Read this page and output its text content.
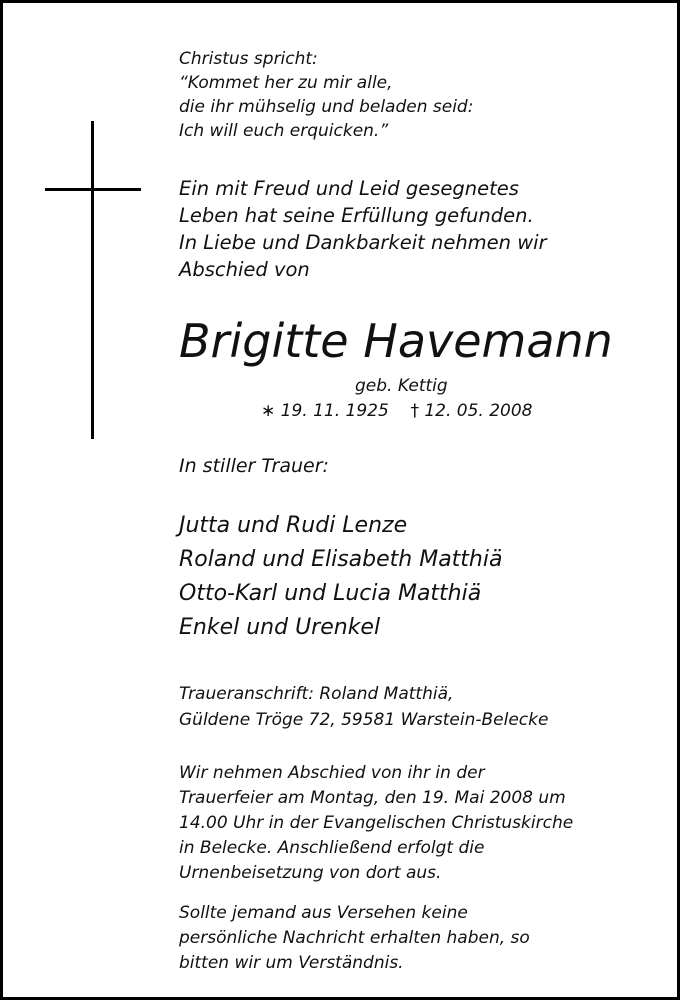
Christus spricht:
“Kommet her zu mir alle,
die ihr mühselig und beladen seid:
Ich will euch erquicken.”
Ein mit Freud und Leid gesegnetes
Leben hat seine Erfüllung gefunden.
In Liebe und Dankbarkeit nehmen wir
Abschied von
Brigitte Havemann
geb. Kettig
∗ 19. 11. 1925 † 12. 05. 2008
In stiller Trauer:
Jutta und Rudi Lenze
Roland und Elisabeth Matthiä
Otto-Karl und Lucia Matthiä
Enkel und Urenkel
Traueranschrift: Roland Matthiä,
Güldene Tröge 72, 59581 Warstein-Belecke
Wir nehmen Abschied von ihr in der
Trauerfeier am Montag, den 19. Mai 2008 um
14.00 Uhr in der Evangelischen Christuskirche
in Belecke. Anschließend erfolgt die
Urnenbeisetzung von dort aus.
Sollte jemand aus Versehen keine
persönliche Nachricht erhalten haben, so
bitten wir um Verständnis.
